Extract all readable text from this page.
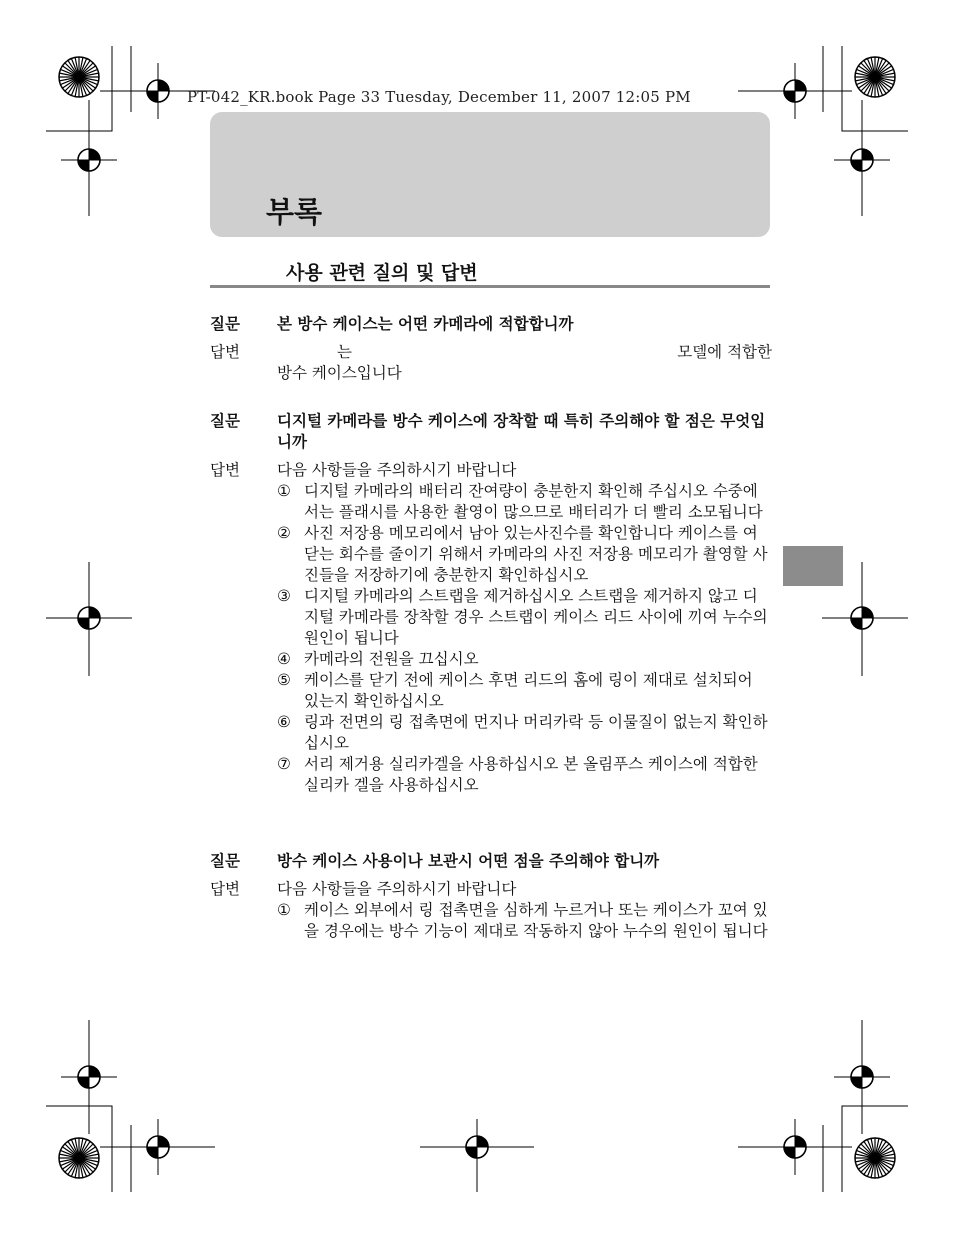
PT-042_KR.book Page 33 Tuesday, December 11, 2007 12:05 PM
부록
사용 관련 질의 및 답변
질문	본 방수 케이스는 어떤 카메라에 적합합니까
답변	는	모델에 적합한
방수 케이스입니다
질문	디지털 카메라를 방수 케이스에 장착할 때 특히 주의해야 할 점은 무엇입니까
답변	다음 사항들을 주의하시기 바랍니다
① 디지털 카메라의 배터리 잔여량이 충분한지 확인해 주십시오 수중에서는 플래시를 사용한 촬영이 많으므로 배터리가 더 빨리 소모됩니다
② 사진 저장용 메모리에서 남아 있는사진수를 확인합니다 케이스를 여닫는 회수를 줄이기 위해서 카메라의 사진 저장용 메모리가 촬영할 사진들을 저장하기에 충분한지 확인하십시오
③ 디지털 카메라의 스트랩을 제거하십시오 스트랩을 제거하지 않고 디지털 카메라를 장착할 경우 스트랩이 케이스 리드 사이에 끼여 누수의 원인이 됩니다
④ 카메라의 전원을 끄십시오
⑤ 케이스를 닫기 전에 케이스 후면 리드의 홈에 링이 제대로 설치되어 있는지 확인하십시오
⑥ 링과 전면의 링 접촉면에 먼지나 머리카락 등 이물질이 없는지 확인하십시오
⑦ 서리 제거용 실리카겔을 사용하십시오 본 올림푸스 케이스에 적합한 실리카 겔을 사용하십시오
질문	방수 케이스 사용이나 보관시 어떤 점을 주의해야 합니까
답변	다음 사항들을 주의하시기 바랍니다
① 케이스 외부에서 링 접촉면을 심하게 누르거나 또는 케이스가 꼬여 있을 경우에는 방수 기능이 제대로 작동하지 않아 누수의 원인이 됩니다
